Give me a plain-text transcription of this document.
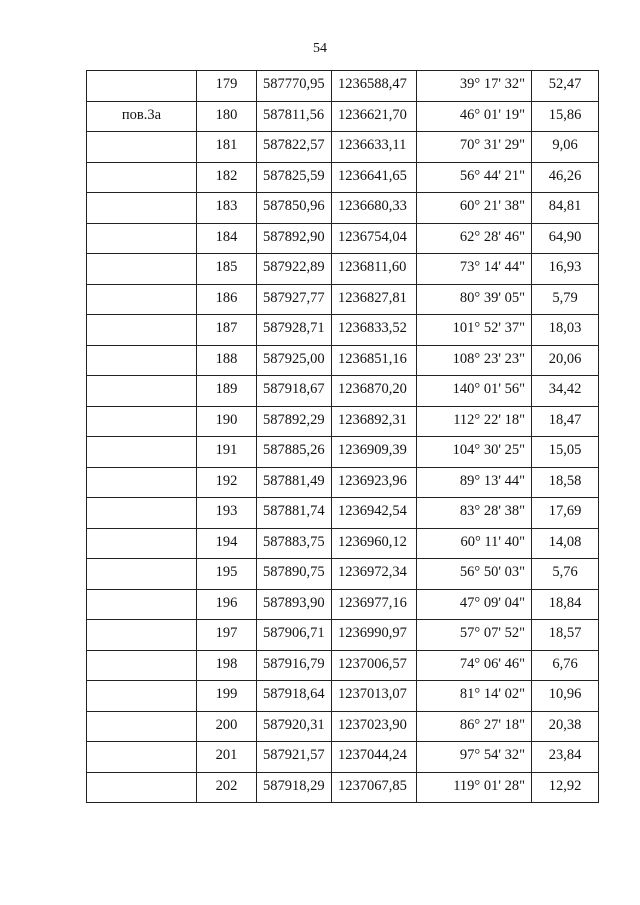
54
	179	587770,95	1236588,47	39° 17' 32"	52,47
пов.3а	180	587811,56	1236621,70	46° 01' 19"	15,86
	181	587822,57	1236633,11	70° 31' 29"	9,06
	182	587825,59	1236641,65	56° 44' 21"	46,26
	183	587850,96	1236680,33	60° 21' 38"	84,81
	184	587892,90	1236754,04	62° 28' 46"	64,90
	185	587922,89	1236811,60	73° 14' 44"	16,93
	186	587927,77	1236827,81	80° 39' 05"	5,79
	187	587928,71	1236833,52	101° 52' 37"	18,03
	188	587925,00	1236851,16	108° 23' 23"	20,06
	189	587918,67	1236870,20	140° 01' 56"	34,42
	190	587892,29	1236892,31	112° 22' 18"	18,47
	191	587885,26	1236909,39	104° 30' 25"	15,05
	192	587881,49	1236923,96	89° 13' 44"	18,58
	193	587881,74	1236942,54	83° 28' 38"	17,69
	194	587883,75	1236960,12	60° 11' 40"	14,08
	195	587890,75	1236972,34	56° 50' 03"	5,76
	196	587893,90	1236977,16	47° 09' 04"	18,84
	197	587906,71	1236990,97	57° 07' 52"	18,57
	198	587916,79	1237006,57	74° 06' 46"	6,76
	199	587918,64	1237013,07	81° 14' 02"	10,96
	200	587920,31	1237023,90	86° 27' 18"	20,38
	201	587921,57	1237044,24	97° 54' 32"	23,84
	202	587918,29	1237067,85	119° 01' 28"	12,92
